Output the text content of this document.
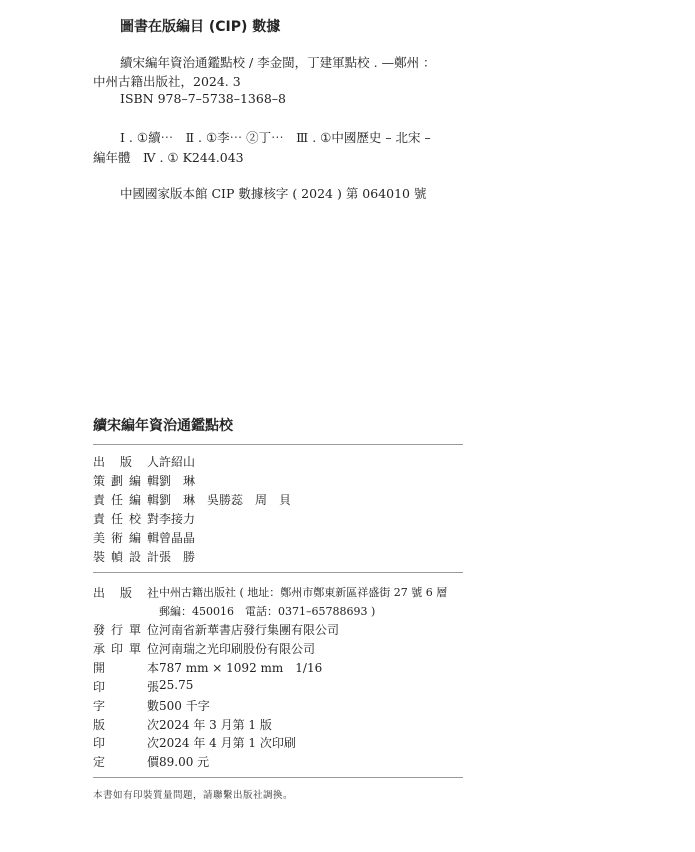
圖書在版編目 (CIP) 數據
續宋編年資治通鑑點校 / 李金閩，丁建軍點校 . —鄭州 ：
中州古籍出版社，2024. 3
ISBN 978–7–5738–1368–8
Ⅰ . ①續⋯　Ⅱ . ①李⋯ ②丁⋯　Ⅲ . ①中國歷史 – 北宋 –
編年體　Ⅳ . ① K244.043
中國國家版本館 CIP 數據核字 ( 2024 ) 第 064010 號
續宋編年資治通鑑點校
出版人 許紹山
策劃編輯 劉　琳
責任編輯 劉　琳　吳勝蕊　周　貝
責任校對 李接力
美術編輯 曾晶晶
裝幀設計 張　勝
出版社 中州古籍出版社 ( 地址：鄭州市鄭東新區祥盛街 27 號 6 層
郵編：450016　電話：0371–65788693 )
發行單位 河南省新華書店發行集團有限公司
承印單位 河南瑞之光印刷股份有限公司
開本 787 mm × 1092 mm　1/16
印張 25.75
字數 500 千字
版次 2024 年 3 月第 1 版
印次 2024 年 4 月第 1 次印刷
定價 89.00 元
本書如有印裝質量問題，請聯繫出版社調換。
